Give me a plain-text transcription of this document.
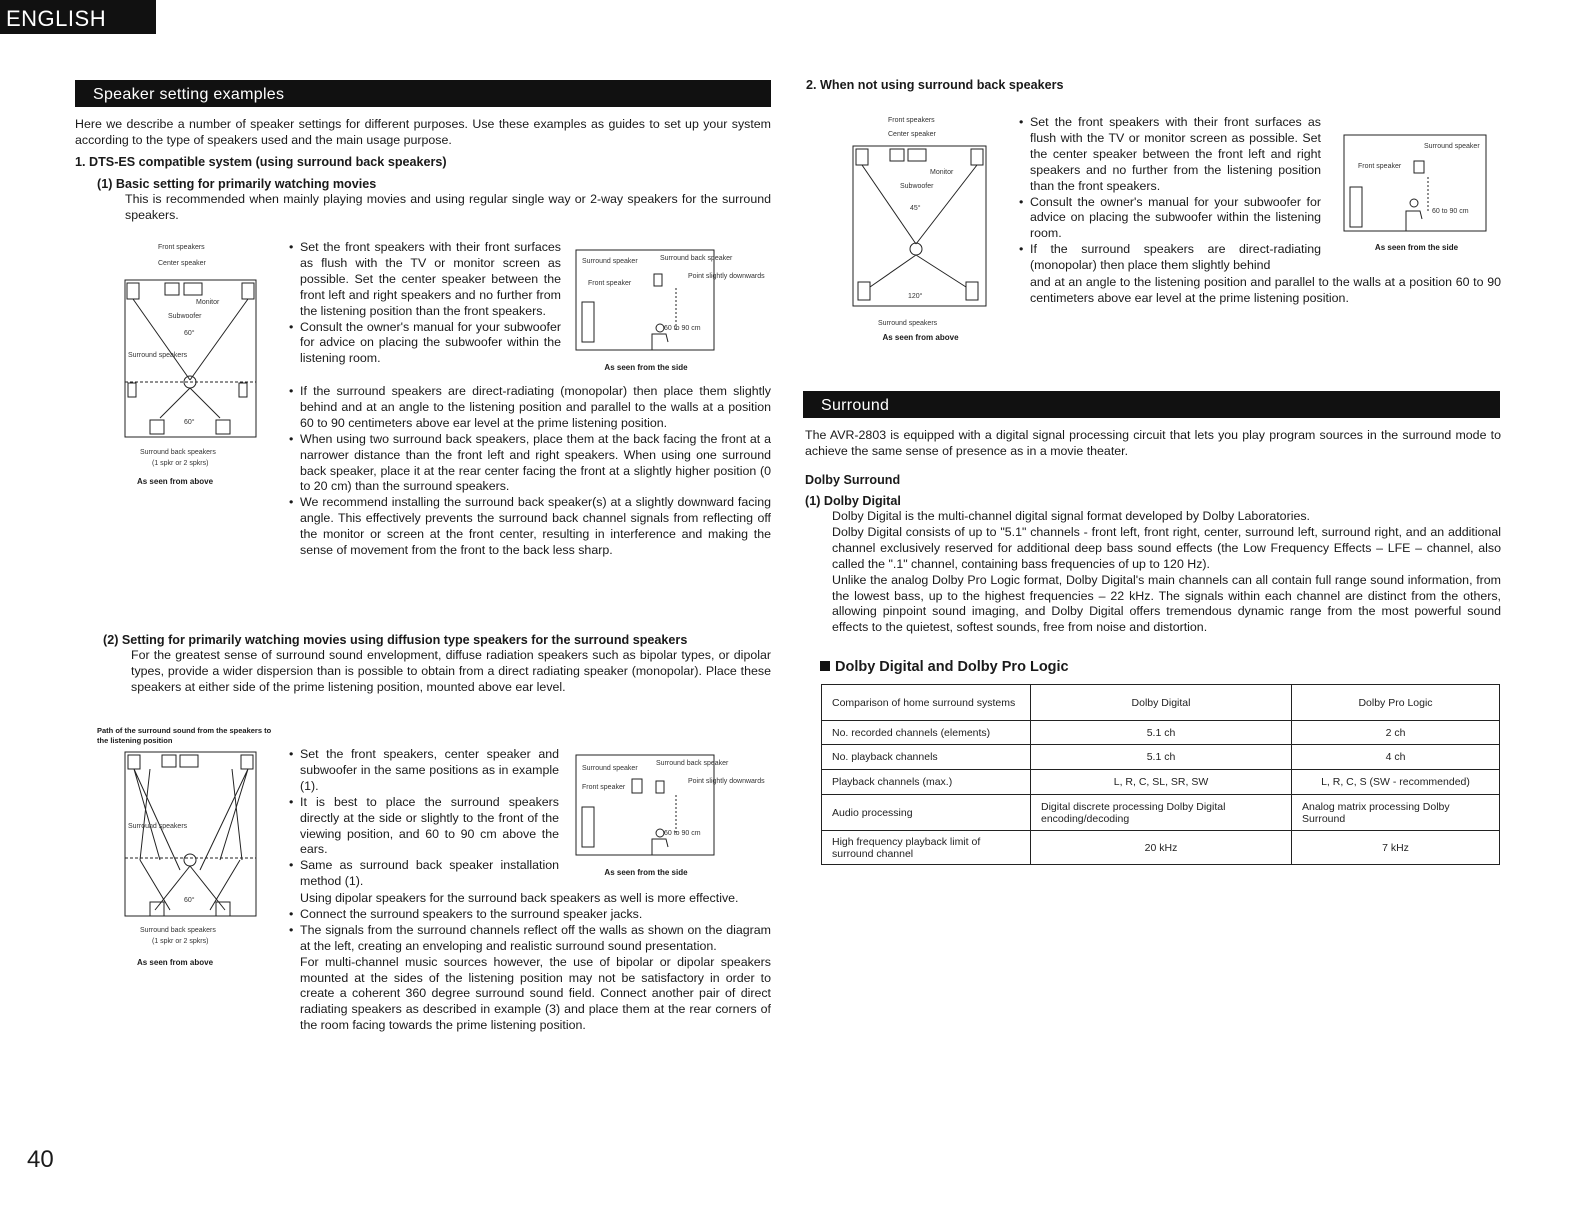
ENGLISH
Speaker setting examples

Here we describe a number of speaker settings for different purposes. Use these examples as guides to set up your system according to the type of speakers used and the main usage purpose.

1. DTS-ES compatible system (using surround back speakers)

(1) Basic setting for primarily watching movies

This is recommended when mainly playing movies and using regular single way or 2-way speakers for the surround speakers.

Front speakers
Center speaker
Monitor
Subwoofer
60°
Surround speakers
60°
Surround back speakers
(1 spkr or 2 spkrs)
As seen from above

• Set the front speakers with their front surfaces as flush with the TV or monitor screen as possible. Set the center speaker between the front left and right speakers and no further from the listening position than the front speakers.

• Consult the owner's manual for your subwoofer for advice on placing the subwoofer within the listening room.

• If the surround speakers are direct-radiating (monopolar) then place them slightly behind and at an angle to the listening position and parallel to the walls at a position 60 to 90 centimeters above ear level at the prime listening position.

• When using two surround back speakers, place them at the back facing the front at a narrower distance than the front left and right speakers. When using one surround back speaker, place it at the rear center facing the front at a slightly higher position (0 to 20 cm) than the surround speakers.

• We recommend installing the surround back speaker(s) at a slightly downward facing angle. This effectively prevents the surround back channel signals from reflecting off the monitor or screen at the front center, resulting in interference and making the sense of movement from the front to the back less sharp.

Surround speaker	Surround back speaker
Point slightly downwards
Front speaker
60 to 90 cm
As seen from the side

(2) Setting for primarily watching movies using diffusion type speakers for the surround speakers

For the greatest sense of surround sound envelopment, diffuse radiation speakers such as bipolar types, or dipolar types, provide a wider dispersion than is possible to obtain from a direct radiating speaker (monopolar). Place these speakers at either side of the prime listening position, mounted above ear level.

Path of the surround sound from the speakers to the listening position
Surround speakers
60°
Surround back speakers
(1 spkr or 2 spkrs)
As seen from above

• Set the front speakers, center speaker and subwoofer in the same positions as in example (1).

• It is best to place the surround speakers directly at the side or slightly to the front of the viewing position, and 60 to 90 cm above the ears.

• Same as surround back speaker installation method (1).

Using dipolar speakers for the surround back speakers as well is more effective.

• Connect the surround speakers to the surround speaker jacks.

• The signals from the surround channels reflect off the walls as shown on the diagram at the left, creating an enveloping and realistic surround sound presentation.

For multi-channel music sources however, the use of bipolar or dipolar speakers mounted at the sides of the listening position may not be satisfactory in order to create a coherent 360 degree surround sound field. Connect another pair of direct radiating speakers as described in example (3) and place them at the rear corners of the room facing towards the prime listening position.

Surround speaker
Surround back speaker
Point slightly downwards
Front speaker
60 to 90 cm
As seen from the side

2. When not using surround back speakers

Front speakers
Center speaker
Monitor
Subwoofer
45°
120°
Surround speakers
As seen from above

• Set the front speakers with their front surfaces as flush with the TV or monitor screen as possible. Set the center speaker between the front left and right speakers and no further from the listening position than the front speakers.

• Consult the owner's manual for your subwoofer for advice on placing the subwoofer within the listening room.

• If the surround speakers are direct-radiating (monopolar) then place them slightly behind

and at an angle to the listening position and parallel to the walls at a position 60 to 90 centimeters above ear level at the prime listening position.

Surround speaker
Front speaker
60 to 90 cm
As seen from the side
Surround

The AVR-2803 is equipped with a digital signal processing circuit that lets you play program sources in the surround mode to achieve the same sense of presence as in a movie theater.

Dolby Surround

(1) Dolby Digital

Dolby Digital is the multi-channel digital signal format developed by Dolby Laboratories.

Dolby Digital consists of up to "5.1" channels - front left, front right, center, surround left, surround right, and an additional channel exclusively reserved for additional deep bass sound effects (the Low Frequency Effects – LFE – channel, also called the ".1" channel, containing bass frequencies of up to 120 Hz).

Unlike the analog Dolby Pro Logic format, Dolby Digital's main channels can all contain full range sound information, from the lowest bass, up to the highest frequencies – 22 kHz. The signals within each channel are distinct from the others, allowing pinpoint sound imaging, and Dolby Digital offers tremendous dynamic range from the most powerful sound effects to the quietest, softest sounds, free from noise and distortion.

Dolby Digital and Dolby Pro Logic
Comparison of home surround systems	Dolby Digital	Dolby Pro Logic
No. recorded channels (elements)	5.1 ch	2 ch
No. playback channels	5.1 ch	4 ch
Playback channels (max.)	L, R, C, SL, SR, SW	L, R, C, S (SW - recommended)
Audio processing	Digital discrete processing Dolby Digital encoding/decoding	Analog matrix processing Dolby Surround
High frequency playback limit of surround channel	20 kHz	7 kHz
40
